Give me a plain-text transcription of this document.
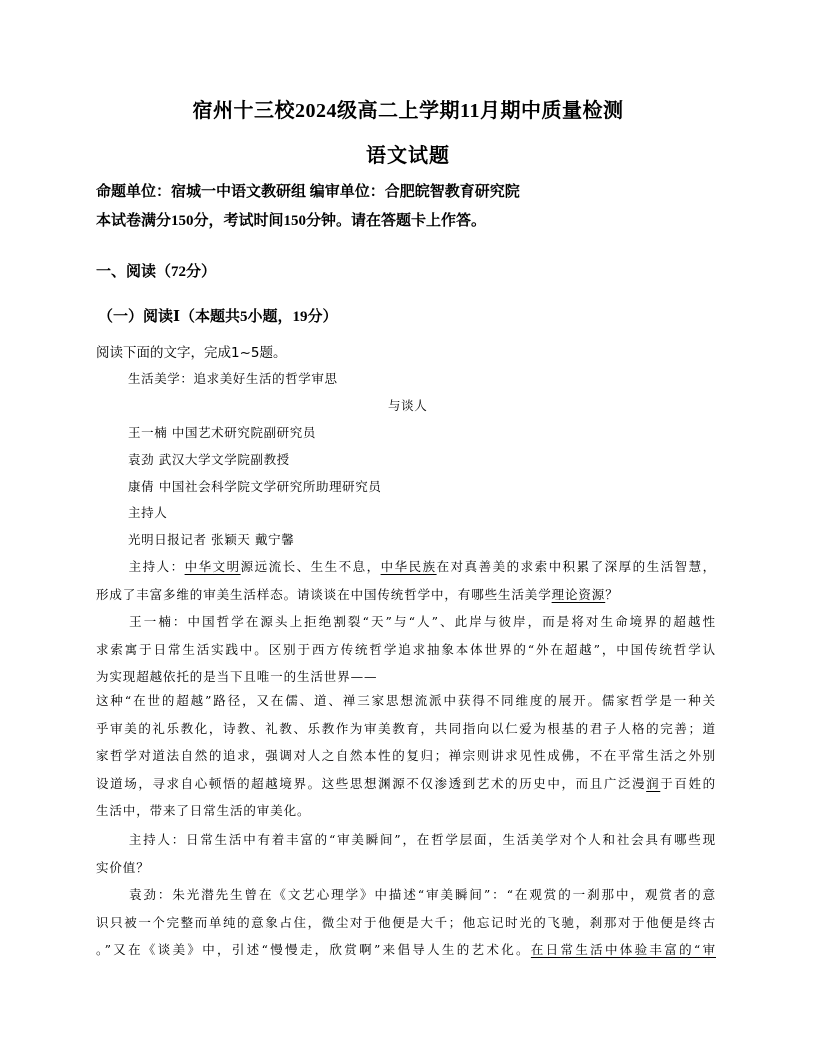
宿州十三校2024级高二上学期11月期中质量检测
语文试题
命题单位：宿城一中语文教研组 编审单位：合肥皖智教育研究院
本试卷满分150分，考试时间150分钟。请在答题卡上作答。
一、阅读（72分）
（一）阅读Ⅰ（本题共5小题，19分）
阅读下面的文字，完成1~5题。
生活美学：追求美好生活的哲学审思
与谈人
王一楠 中国艺术研究院副研究员
袁劲 武汉大学文学院副教授
康倩 中国社会科学院文学研究所助理研究员
主持人
光明日报记者 张颖天 戴宁馨
主持人：中华文明源远流长、生生不息，中华民族在对真善美的求索中积累了深厚的生活智慧，
形成了丰富多维的审美生活样态。请谈谈在中国传统哲学中，有哪些生活美学理论资源？
王一楠：中国哲学在源头上拒绝割裂“天”与“人”、此岸与彼岸，而是将对生命境界的超越性
求索寓于日常生活实践中。区别于西方传统哲学追求抽象本体世界的“外在超越”，中国传统哲学认
为实现超越依托的是当下且唯一的生活世界——
这种“在世的超越”路径，又在儒、道、禅三家思想流派中获得不同维度的展开。儒家哲学是一种关
乎审美的礼乐教化，诗教、礼教、乐教作为审美教育，共同指向以仁爱为根基的君子人格的完善；道
家哲学对道法自然的追求，强调对人之自然本性的复归；禅宗则讲求见性成佛，不在平常生活之外别
设道场，寻求自心顿悟的超越境界。这些思想渊源不仅渗透到艺术的历史中，而且广泛漫润于百姓的
生活中，带来了日常生活的审美化。
主持人：日常生活中有着丰富的“审美瞬间”，在哲学层面，生活美学对个人和社会具有哪些现
实价值？
袁劲：朱光潜先生曾在《文艺心理学》中描述“审美瞬间”：“在观赏的一刹那中，观赏者的意
识只被一个完整而单纯的意象占住，微尘对于他便是大千；他忘记时光的飞驰，刹那对于他便是终古
。”又在《谈美》中，引述“慢慢走，欣赏啊”来倡导人生的艺术化。在日常生活中体验丰富的“审
